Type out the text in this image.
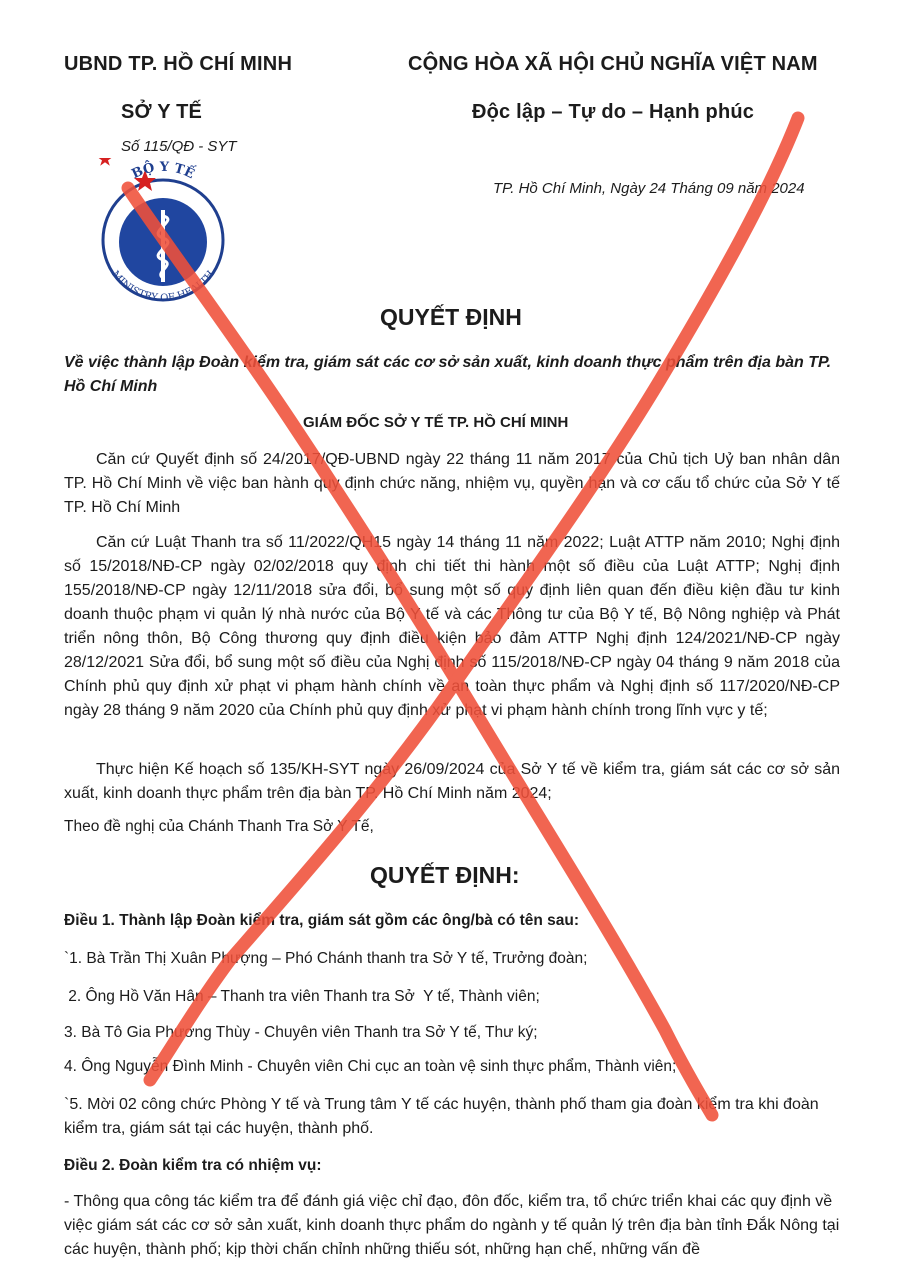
UBND TP. HỒ CHÍ MINH
SỞ Y TẾ
Số 115/QĐ - SYT
CỘNG HÒA XÃ HỘI CHỦ NGHĨA VIỆT NAM
Độc lập – Tự do – Hạnh phúc
TP. Hồ Chí Minh, Ngày 24 Tháng 09 năm 2024
BỘ Y TẾ
MINISTRY OF HEALTH
QUYẾT ĐỊNH
Về việc thành lập Đoàn kiểm tra, giám sát các cơ sở sản xuất, kinh doanh thực phẩm trên địa bàn TP. Hồ Chí Minh
GIÁM ĐỐC SỞ Y TẾ TP. HỒ CHÍ MINH
Căn cứ Quyết định số 24/2017/QĐ-UBND ngày 22 tháng 11 năm 2017 của Chủ tịch Uỷ ban nhân dân TP. Hồ Chí Minh về việc ban hành quy định chức năng, nhiệm vụ, quyền hạn và cơ cấu tổ chức của Sở Y tế TP. Hồ Chí Minh
Căn cứ Luật Thanh tra số 11/2022/QH15 ngày 14 tháng 11 năm 2022; Luật ATTP năm 2010; Nghị định số 15/2018/NĐ-CP ngày 02/02/2018 quy định chi tiết thi hành một số điều của Luật ATTP; Nghị định 155/2018/NĐ-CP ngày 12/11/2018 sửa đổi, bổ sung một số quy định liên quan đến điều kiện đầu tư kinh doanh thuộc phạm vi quản lý nhà nước của Bộ Y tế và các Thông tư của Bộ Y tế, Bộ Nông nghiệp và Phát triển nông thôn, Bộ Công thương quy định điều kiện bảo đảm ATTP Nghị định 124/2021/NĐ-CP ngày 28/12/2021 Sửa đổi, bổ sung một số điều của Nghị định số 115/2018/NĐ-CP ngày 04 tháng 9 năm 2018 của Chính phủ quy định xử phạt vi phạm hành chính về an toàn thực phẩm và Nghị định số 117/2020/NĐ-CP ngày 28 tháng 9 năm 2020 của Chính phủ quy định xử phạt vi phạm hành chính trong lĩnh vực y tế;
Thực hiện Kế hoạch số 135/KH-SYT ngày 26/09/2024 của Sở Y tế về kiểm tra, giám sát các cơ sở sản xuất, kinh doanh thực phẩm trên địa bàn TP. Hồ Chí Minh năm 2024;
Theo đề nghị của Chánh Thanh Tra Sở Y Tế,
QUYẾT ĐỊNH:
Điều 1. Thành lập Đoàn kiểm tra, giám sát gồm các ông/bà có tên sau:
`1. Bà Trần Thị Xuân Phượng – Phó Chánh thanh tra Sở Y tế, Trưởng đoàn;
2. Ông Hồ Văn Hân – Thanh tra viên Thanh tra Sở  Y tế, Thành viên;
3. Bà Tô Gia Phương Thùy - Chuyên viên Thanh tra Sở Y tế, Thư ký;
4. Ông Nguyễn Đình Minh - Chuyên viên Chi cục an toàn vệ sinh thực phẩm, Thành viên;
`5. Mời 02 công chức Phòng Y tế và Trung tâm Y tế các huyện, thành phố tham gia đoàn kiểm tra khi đoàn kiểm tra, giám sát tại các huyện, thành phố.
Điều 2. Đoàn kiểm tra có nhiệm vụ:
- Thông qua công tác kiểm tra để đánh giá việc chỉ đạo, đôn đốc, kiểm tra, tổ chức triển khai các quy định về việc giám sát các cơ sở sản xuất, kinh doanh thực phẩm do ngành y tế quản lý trên địa bàn tỉnh Đắk Nông tại các huyện, thành phố; kịp thời chấn chỉnh những thiếu sót, những hạn chế, những vấn đề
